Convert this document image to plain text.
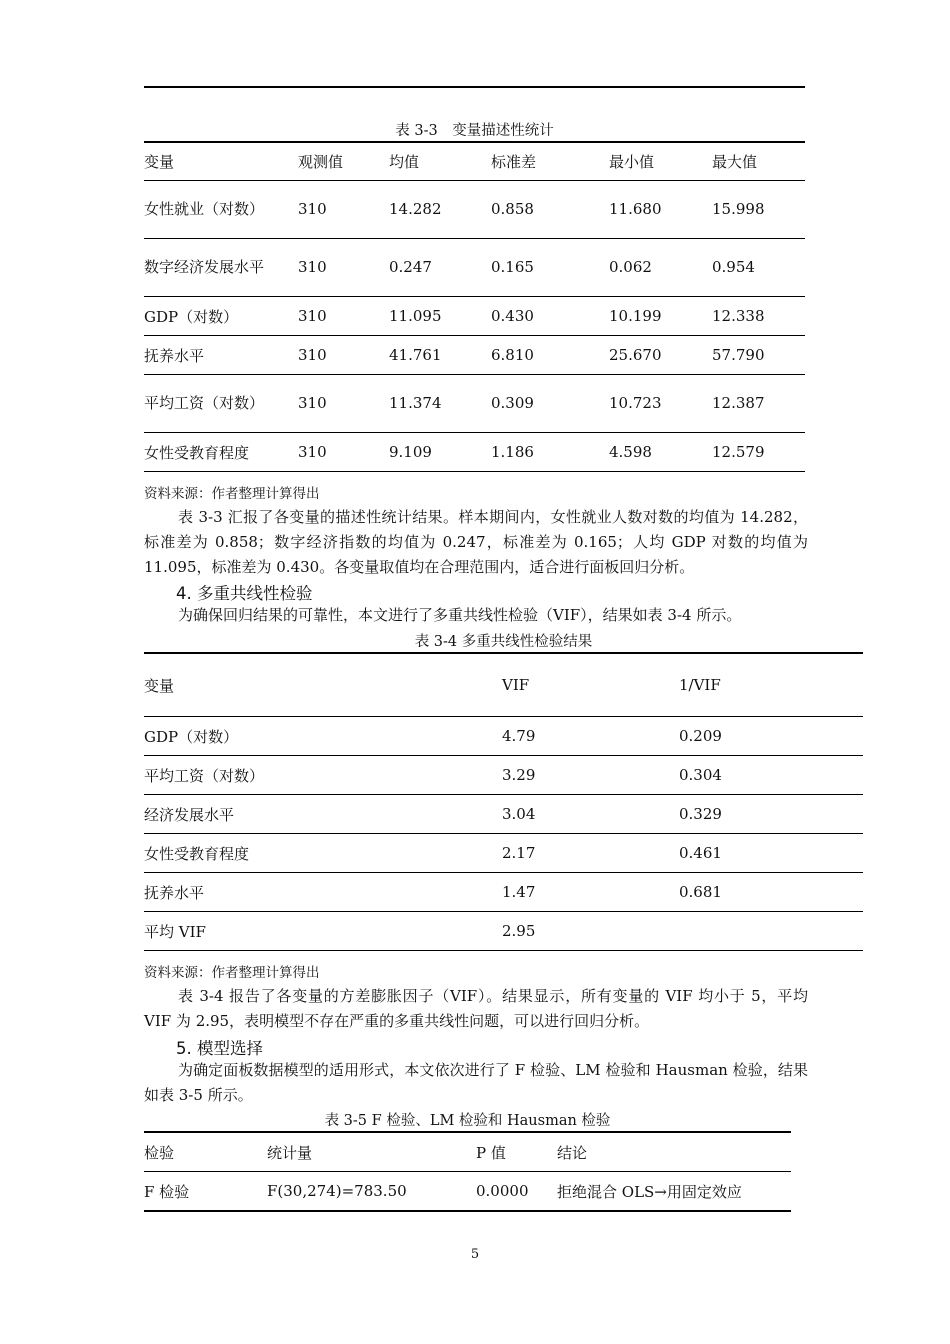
表 3-3　变量描述性统计
变量	观测值	均值	标准差	最小值	最大值
女性就业（对数）	310	14.282	0.858	11.680	15.998
数字经济发展水平	310	0.247	0.165	0.062	0.954
GDP（对数）	310	11.095	0.430	10.199	12.338
抚养水平	310	41.761	6.810	25.670	57.790
平均工资（对数）	310	11.374	0.309	10.723	12.387
女性受教育程度	310	9.109	1.186	4.598	12.579
资料来源：作者整理计算得出
表 3-3 汇报了各变量的描述性统计结果。样本期间内，女性就业人数对数的均值为 14.282，标准差为 0.858；数字经济指数的均值为 0.247，标准差为 0.165；人均 GDP 对数的均值为 11.095，标准差为 0.430。各变量取值均在合理范围内，适合进行面板回归分析。
4. 多重共线性检验
为确保回归结果的可靠性，本文进行了多重共线性检验（VIF），结果如表 3-4 所示。
表 3-4 多重共线性检验结果
变量	VIF	1/VIF
GDP（对数）	4.79	0.209
平均工资（对数）	3.29	0.304
经济发展水平	3.04	0.329
女性受教育程度	2.17	0.461
抚养水平	1.47	0.681
平均 VIF	2.95	
资料来源：作者整理计算得出
表 3-4 报告了各变量的方差膨胀因子（VIF）。结果显示，所有变量的 VIF 均小于 5，平均 VIF 为 2.95，表明模型不存在严重的多重共线性问题，可以进行回归分析。
5. 模型选择
为确定面板数据模型的适用形式，本文依次进行了 F 检验、LM 检验和 Hausman 检验，结果如表 3-5 所示。
表 3-5 F 检验、LM 检验和 Hausman 检验
检验	统计量	P 值	结论
F 检验	F(30,274)=783.50	0.0000	拒绝混合 OLS→用固定效应
5
